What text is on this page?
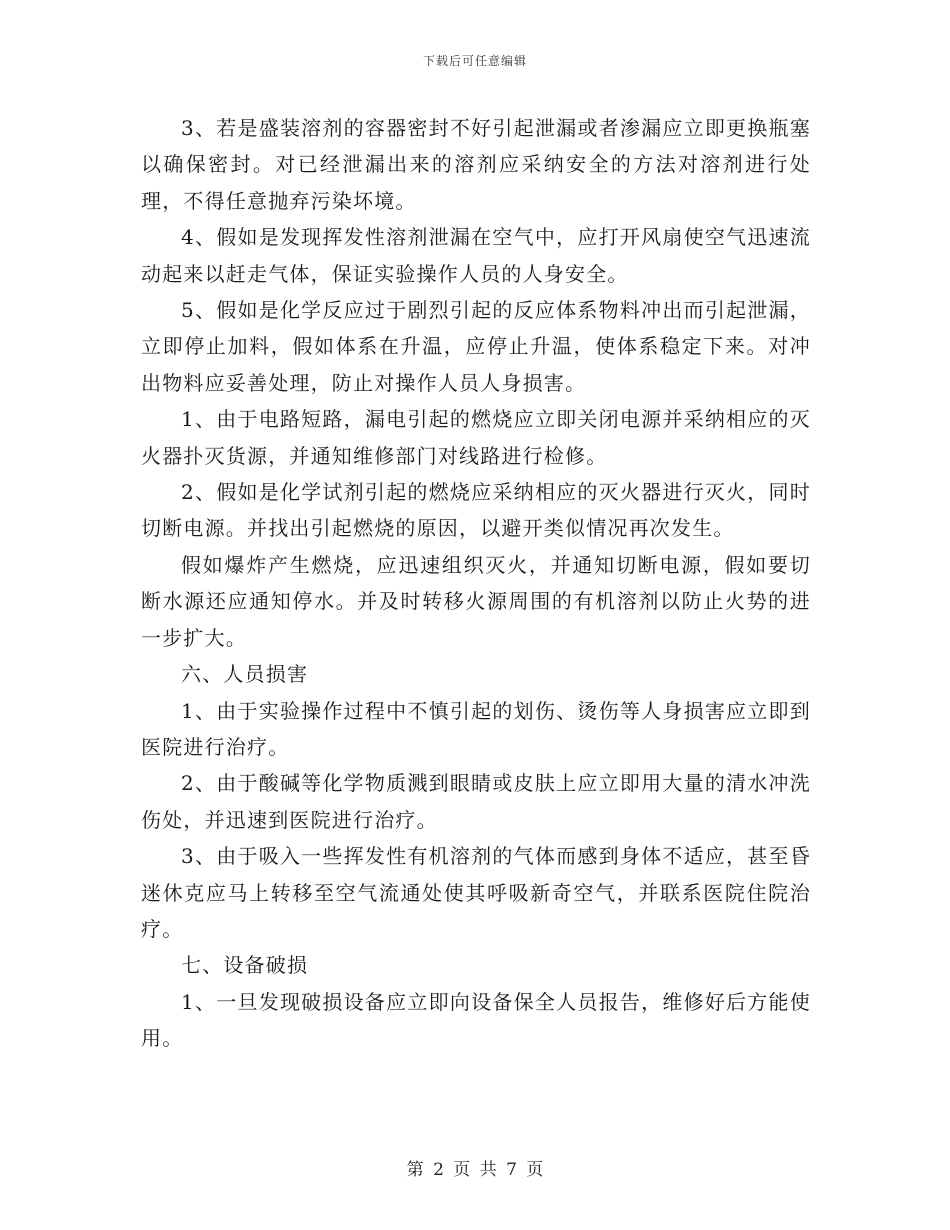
下载后可任意编辑

3、若是盛装溶剂的容器密封不好引起泄漏或者渗漏应立即更换瓶塞以确保密封。对已经泄漏出来的溶剂应采纳安全的方法对溶剂进行处理，不得任意抛弃污染坏境。

4、假如是发现挥发性溶剂泄漏在空气中，应打开风扇使空气迅速流动起来以赶走气体，保证实验操作人员的人身安全。

5、假如是化学反应过于剧烈引起的反应体系物料冲出而引起泄漏，立即停止加料，假如体系在升温，应停止升温，使体系稳定下来。对冲出物料应妥善处理，防止对操作人员人身损害。

1、由于电路短路，漏电引起的燃烧应立即关闭电源并采纳相应的灭火器扑灭货源，并通知维修部门对线路进行检修。

2、假如是化学试剂引起的燃烧应采纳相应的灭火器进行灭火，同时切断电源。并找出引起燃烧的原因，以避开类似情况再次发生。

假如爆炸产生燃烧，应迅速组织灭火，并通知切断电源，假如要切断水源还应通知停水。并及时转移火源周围的有机溶剂以防止火势的进一步扩大。

六、人员损害

1、由于实验操作过程中不慎引起的划伤、烫伤等人身损害应立即到医院进行治疗。

2、由于酸碱等化学物质溅到眼睛或皮肤上应立即用大量的清水冲洗伤处，并迅速到医院进行治疗。

3、由于吸入一些挥发性有机溶剂的气体而感到身体不适应，甚至昏迷休克应马上转移至空气流通处使其呼吸新奇空气，并联系医院住院治疗。

七、设备破损

1、一旦发现破损设备应立即向设备保全人员报告，维修好后方能使用。

第 2 页 共 7 页
